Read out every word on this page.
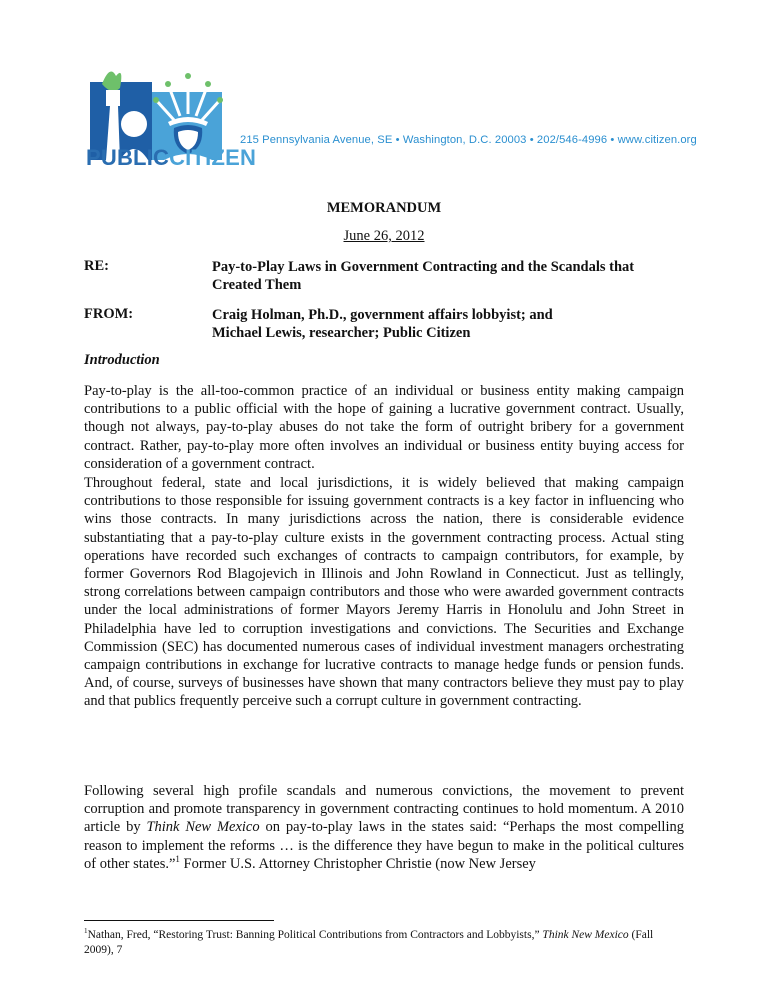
PUBLICCITIZEN
215 Pennsylvania Avenue, SE • Washington, D.C. 20003 • 202/546-4996 • www.citizen.org
MEMORANDUM
June 26, 2012
RE:	Pay-to-Play Laws in Government Contracting and the Scandals that Created Them
FROM:	Craig Holman, Ph.D., government affairs lobbyist; and
Michael Lewis, researcher; Public Citizen
Introduction
Pay-to-play is the all-too-common practice of an individual or business entity making campaign contributions to a public official with the hope of gaining a lucrative government contract. Usually, though not always, pay-to-play abuses do not take the form of outright bribery for a government contract. Rather, pay-to-play more often involves an individual or business entity buying access for consideration of a government contract.
Throughout federal, state and local jurisdictions, it is widely believed that making campaign contributions to those responsible for issuing government contracts is a key factor in influencing who wins those contracts. In many jurisdictions across the nation, there is considerable evidence substantiating that a pay-to-play culture exists in the government contracting process. Actual sting operations have recorded such exchanges of contracts to campaign contributors, for example, by former Governors Rod Blagojevich in Illinois and John Rowland in Connecticut. Just as tellingly, strong correlations between campaign contributors and those who were awarded government contracts under the local administrations of former Mayors Jeremy Harris in Honolulu and John Street in Philadelphia have led to corruption investigations and convictions. The Securities and Exchange Commission (SEC) has documented numerous cases of individual investment managers orchestrating campaign contributions in exchange for lucrative contracts to manage hedge funds or pension funds. And, of course, surveys of businesses have shown that many contractors believe they must pay to play and that publics frequently perceive such a corrupt culture in government contracting.
Following several high profile scandals and numerous convictions, the movement to prevent corruption and promote transparency in government contracting continues to hold momentum. A 2010 article by Think New Mexico on pay-to-play laws in the states said: “Perhaps the most compelling reason to implement the reforms … is the difference they have begun to make in the political cultures of other states.”$^1$ Former U.S. Attorney Christopher Christie (now New Jersey
$^1$Nathan, Fred, “Restoring Trust: Banning Political Contributions from Contractors and Lobbyists,” Think New Mexico (Fall 2009), 7
